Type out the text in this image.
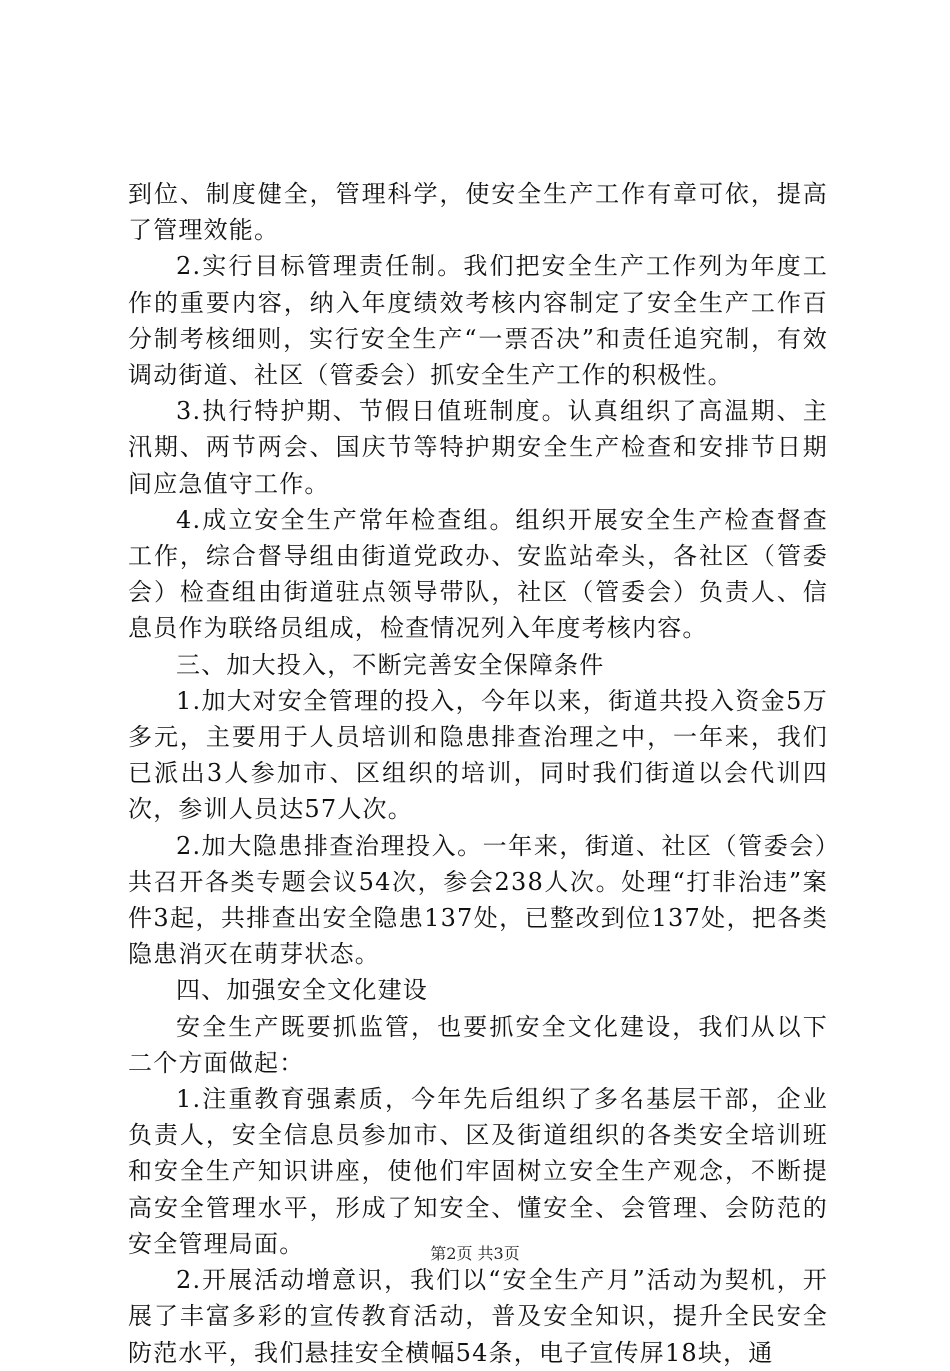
到位、制度健全，管理科学，使安全生产工作有章可依，提高了管理效能。

2.实行目标管理责任制。我们把安全生产工作列为年度工作的重要内容，纳入年度绩效考核内容制定了安全生产工作百分制考核细则，实行安全生产“一票否决”和责任追究制，有效调动街道、社区（管委会）抓安全生产工作的积极性。

3.执行特护期、节假日值班制度。认真组织了高温期、主汛期、两节两会、国庆节等特护期安全生产检查和安排节日期间应急值守工作。

4.成立安全生产常年检查组。组织开展安全生产检查督查工作，综合督导组由街道党政办、安监站牵头，各社区（管委会）检查组由街道驻点领导带队，社区（管委会）负责人、信息员作为联络员组成，检查情况列入年度考核内容。

三、加大投入，不断完善安全保障条件

1.加大对安全管理的投入，今年以来，街道共投入资金5万多元，主要用于人员培训和隐患排查治理之中，一年来，我们已派出3人参加市、区组织的培训，同时我们街道以会代训四次，参训人员达57人次。

2.加大隐患排查治理投入。一年来，街道、社区（管委会）共召开各类专题会议54次，参会238人次。处理“打非治违”案件3起，共排查出安全隐患137处，已整改到位137处，把各类隐患消灭在萌芽状态。

四、加强安全文化建设

安全生产既要抓监管，也要抓安全文化建设，我们从以下二个方面做起：

1.注重教育强素质，今年先后组织了多名基层干部，企业负责人，安全信息员参加市、区及街道组织的各类安全培训班和安全生产知识讲座，使他们牢固树立安全生产观念，不断提高安全管理水平，形成了知安全、懂安全、会管理、会防范的安全管理局面。

2.开展活动增意识，我们以“安全生产月”活动为契机，开展了丰富多彩的宣传教育活动，普及安全知识，提升全民安全防范水平，我们悬挂安全横幅54条，电子宣传屏18块，通

第2页 共3页
